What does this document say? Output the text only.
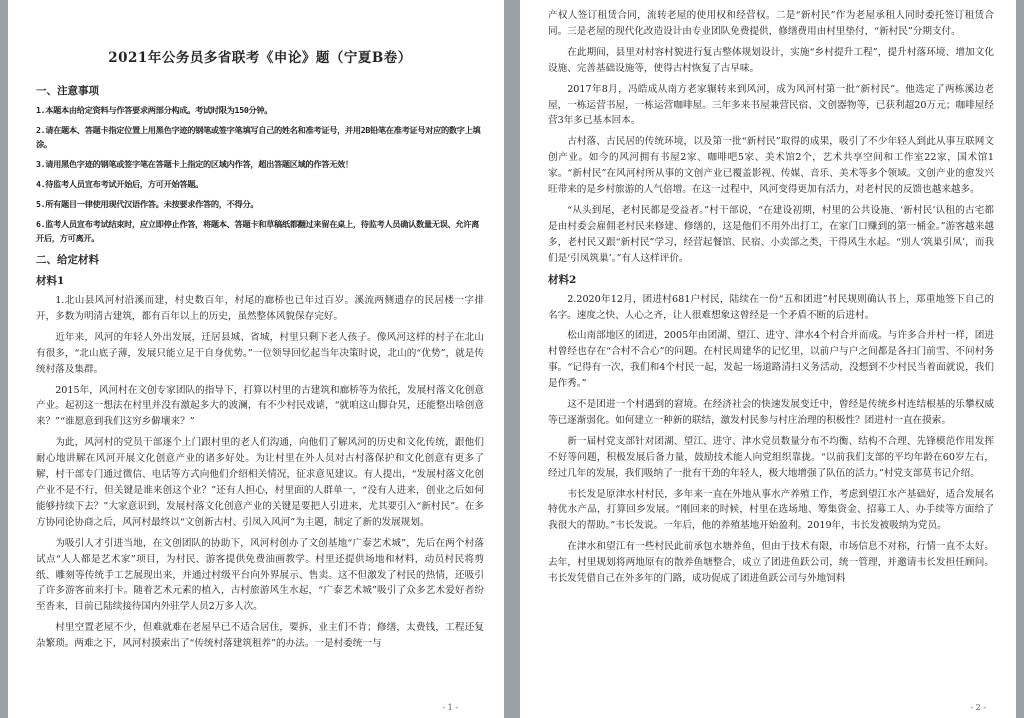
2021年公务员多省联考《申论》题（宁夏B卷）
一、注意事项
1.本题本由给定资料与作答要求两部分构成。考试时限为150分钟。
2.请在题本、答题卡指定位置上用黑色字迹的钢笔或签字笔填写自己的姓名和准考证号，并用2B铅笔在准考证号对应的数字上填涂。
3.请用黑色字迹的钢笔或签字笔在答题卡上指定的区域内作答，超出答题区域的作答无效！
4.待监考人员宣布考试开始后，方可开始答题。
5.所有题目一律使用现代汉语作答。未按要求作答的，不得分。
6.监考人员宣布考试结束时，应立即停止作答，将题本、答题卡和草稿纸都翻过来留在桌上，待监考人员确认数量无误、允许离开后，方可离开。
二、给定材料
材料1

1.北山县风河村沿溪而建，村史数百年，村尾的廊桥也已年过百岁。溪流两侧遗存的民居楼一字排开，多数为明清古建筑，都有百年以上的历史，虽然整体风貌保存完好。

近年来，风河的年轻人外出发展，迁居县城、省城，村里只剩下老人孩子。像风河这样的村子在北山有很多，“北山底子薄，发展只能立足于自身优势。”一位领导回忆起当年决策时说，北山的“优势”，就是传统村落及集群。

2015年，风河村在文创专家团队的指导下，打算以村里的古建筑和廊桥等为依托，发展村落文化创意产业。起初这一想法在村里并没有激起多大的波澜，有不少村民戏谑，“就咱这山脚旮旯，还能整出啥创意来？”“谁愿意到我们这穷乡僻壤来？”

为此，风河村的党员干部逐个上门跟村里的老人们沟通，向他们了解风河的历史和文化传统，跟他们耐心地讲解在风河开展文化创意产业的诸多好处。为让村里在外人员对古村落保护和文化创意有更多了解，村干部专门通过微信、电话等方式向他们介绍相关情况，征求意见建议。有人提出，“发展村落文化创产业不是不行，但关键是谁来创这个业？”还有人担心，村里面的人群单一，“没有人进来，创业之后如何能够持续下去？”大家意识到，发展村落文化创意产业的关键是要把人引进来，尤其要引入“新村民”。在多方协同论协商之后，风河村最终以“文创新古村、引凤入风河”为主题，制定了新的发展规划。

为吸引人才引进当地，在文创团队的协助下，风河村创办了文创基地“广泰艺术城”，先后在两个村落试点“人人都是艺术家”项目，为村民、游客提供免费油画教学。村里还提供场地和材料，动员村民将剪纸、雕刻等传统手工艺展现出来，并通过村级平台向外界展示、售卖。这不但激发了村民的热情，还吸引了许多游客前来打卡。随着艺术元素的植入，古村旅游风生水起，“广泰艺术城”吸引了众多艺术爱好者纷至沓来，目前已陆续接待国内外驻学人员2万多人次。

村里空置老屋不少，但难就难在老屋早已不适合居住，要拆，业主们不肯；修缮，太费钱，工程还复杂繁琐。两难之下，风河村摸索出了“传统村落建筑租养”的办法。一是村委统一与

- 1 -

产权人签订租赁合同，流转老屋的使用权和经营权。二是“新村民”作为老屋承租人同时委托签订租赁合同。三是老屋的现代化改造设计由专业团队免费提供，修缮费用由村里垫付，“新村民”分期支付。

在此期间，县里对村容村貌进行复古整体规划设计，实施“乡村提升工程”，提升村落环境、增加文化设施、完善基础设施等，使得古村恢复了古早味。

2017年8月，冯皓成从南方老家辗转来到风河，成为风河村第一批“新村民”。他选定了两栋溪边老屋，一栋运营书屋，一栋运营咖啡屋。三年多来书屋兼营民宿、文创器物等，已获利超20万元；咖啡屋经营3年多已基本回本。

古村落、古民居的传统环境，以及第一批“新村民”取得的成果，吸引了不少年轻人到此从事互联网文创产业。如今的风河拥有书屋2家、咖啡吧5家、美术馆2个，艺术共享空间和工作室22家，国术馆1家。“新村民”在风河村所从事的文创产业已覆盖影视、传媒、音乐、美术等多个领域。文创产业的愈发兴旺带来的是乡村旅游的人气倍增。在这一过程中，风河变得更加有活力，对老村民的反馈也越来越多。

“从头到尾，老村民都是受益者。”村干部说，“在建设初期，村里的公共设施、‘新村民’认租的古宅都是由村委会雇佣老村民来修建、修缮的，这是他们不用外出打工，在家门口赚到的第一桶金。”游客越来越多，老村民又跟“新村民”学习，经营起餐馆、民宿、小卖部之类，干得风生水起。“别人‘筑巢引凤’，而我们是‘引凤筑巢’。”有人这样评价。

材料2

2.2020年12月，团进村681户村民，陆续在一份“五和团进”村民规则确认书上，郑重地签下自己的名字。速度之快、人心之齐，让人很难想象这曾经是一个矛盾不断的后进村。

松山南部地区的团进，2005年由团湖、望江、进守、津水4个村合并而成。与许多合并村一样，团进村曾经也存在“合村不合心”的问题。在村民周建华的记忆里，以前户与户之间都是各扫门前雪、不问村务事。“记得有一次，我们和4个村民一起，发起一场道路清扫义务活动，没想到不少村民当着面就说，我们是作秀。”

这不是团进一个村遇到的窘境。在经济社会的快速发展变迁中，曾经是传统乡村连结根基的乐攀权威等已逐渐弱化。如何建立一种新的联结，激发村民参与村庄治理的积极性？团进村一直在摸索。

新一届村党支部针对团湖、望江、进守、津水党员数量分布不均衡、结构不合理、先锋模范作用发挥不好等问题，积极发展后备力量，鼓励技术能人向党组织靠拢。“以前我们支部的平均年龄在60岁左右，经过几年的发展，我们吸纳了一批有干劲的年轻人，极大地增强了队伍的活力。”村党支部莫书记介绍。

韦长发是原津水村村民，多年来一直在外地从事水产养殖工作，考虑到望江水产基础好，适合发展名特优水产品，打算回乡发展。“刚回来的时候，村里在选场地、筹集资金、招募工人、办手续等方面给了我很大的帮助。”韦长发说。一年后，他的养殖基地开始盈利。2019年，韦长发被吸纳为党员。

在津水和望江有一些村民此前承包水塘养鱼，但由于技术有限，市场信息不对称，行情一直不太好。去年，村里规划将两地原有的散养鱼塘整合，成立了团进鱼跃公司，统一管理，并邀请韦长发担任顾问。韦长发凭借自己在外多年的门路，成功促成了团进鱼跃公司与外地饲料

- 2 -
